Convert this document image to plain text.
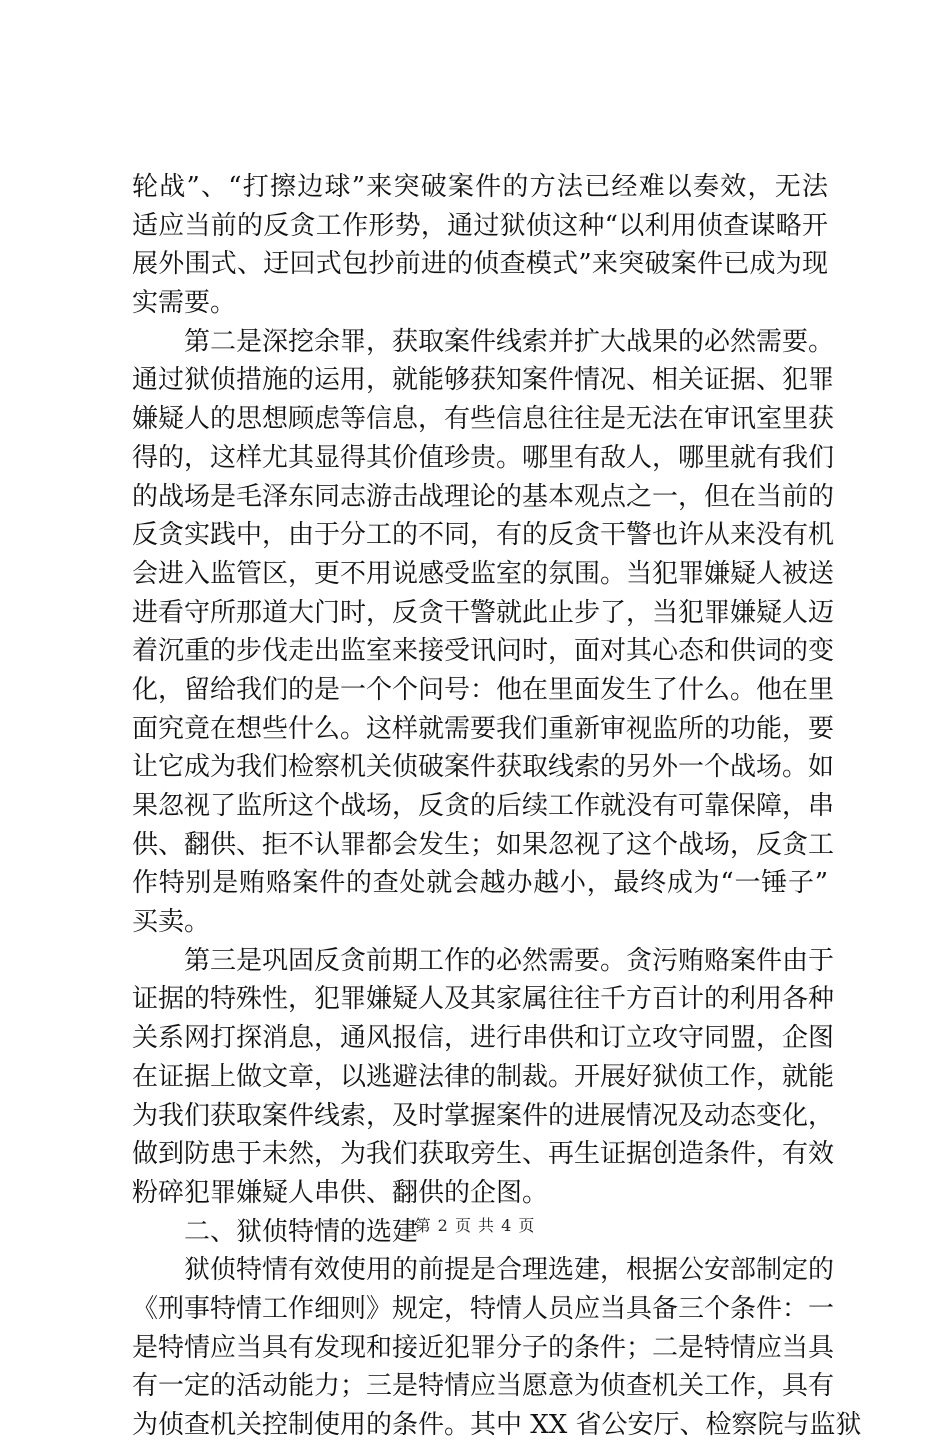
轮战”、“打擦边球”来突破案件的方法已经难以奏效，无法
适应当前的反贪工作形势，通过狱侦这种“以利用侦查谋略开
展外围式、迂回式包抄前进的侦查模式”来突破案件已成为现
实需要。
　　第二是深挖余罪，获取案件线索并扩大战果的必然需要。
通过狱侦措施的运用，就能够获知案件情况、相关证据、犯罪
嫌疑人的思想顾虑等信息，有些信息往往是无法在审讯室里获
得的，这样尤其显得其价值珍贵。哪里有敌人，哪里就有我们
的战场是毛泽东同志游击战理论的基本观点之一，但在当前的
反贪实践中，由于分工的不同，有的反贪干警也许从来没有机
会进入监管区，更不用说感受监室的氛围。当犯罪嫌疑人被送
进看守所那道大门时，反贪干警就此止步了，当犯罪嫌疑人迈
着沉重的步伐走出监室来接受讯问时，面对其心态和供词的变
化，留给我们的是一个个问号：他在里面发生了什么。他在里
面究竟在想些什么。这样就需要我们重新审视监所的功能，要
让它成为我们检察机关侦破案件获取线索的另外一个战场。如
果忽视了监所这个战场，反贪的后续工作就没有可靠保障，串
供、翻供、拒不认罪都会发生；如果忽视了这个战场，反贪工
作特别是贿赂案件的查处就会越办越小，最终成为“一锤子”
买卖。
　　第三是巩固反贪前期工作的必然需要。贪污贿赂案件由于
证据的特殊性，犯罪嫌疑人及其家属往往千方百计的利用各种
关系网打探消息，通风报信，进行串供和订立攻守同盟，企图
在证据上做文章，以逃避法律的制裁。开展好狱侦工作，就能
为我们获取案件线索，及时掌握案件的进展情况及动态变化，
做到防患于未然，为我们获取旁生、再生证据创造条件，有效
粉碎犯罪嫌疑人串供、翻供的企图。
　　二、狱侦特情的选建
　　狱侦特情有效使用的前提是合理选建，根据公安部制定的
《刑事特情工作细则》规定，特情人员应当具备三个条件：一
是特情应当具有发现和接近犯罪分子的条件；二是特情应当具
有一定的活动能力；三是特情应当愿意为侦查机关工作，具有
为侦查机关控制使用的条件。其中 XX 省公安厅、检察院与监狱
第 2 页 共 4 页
